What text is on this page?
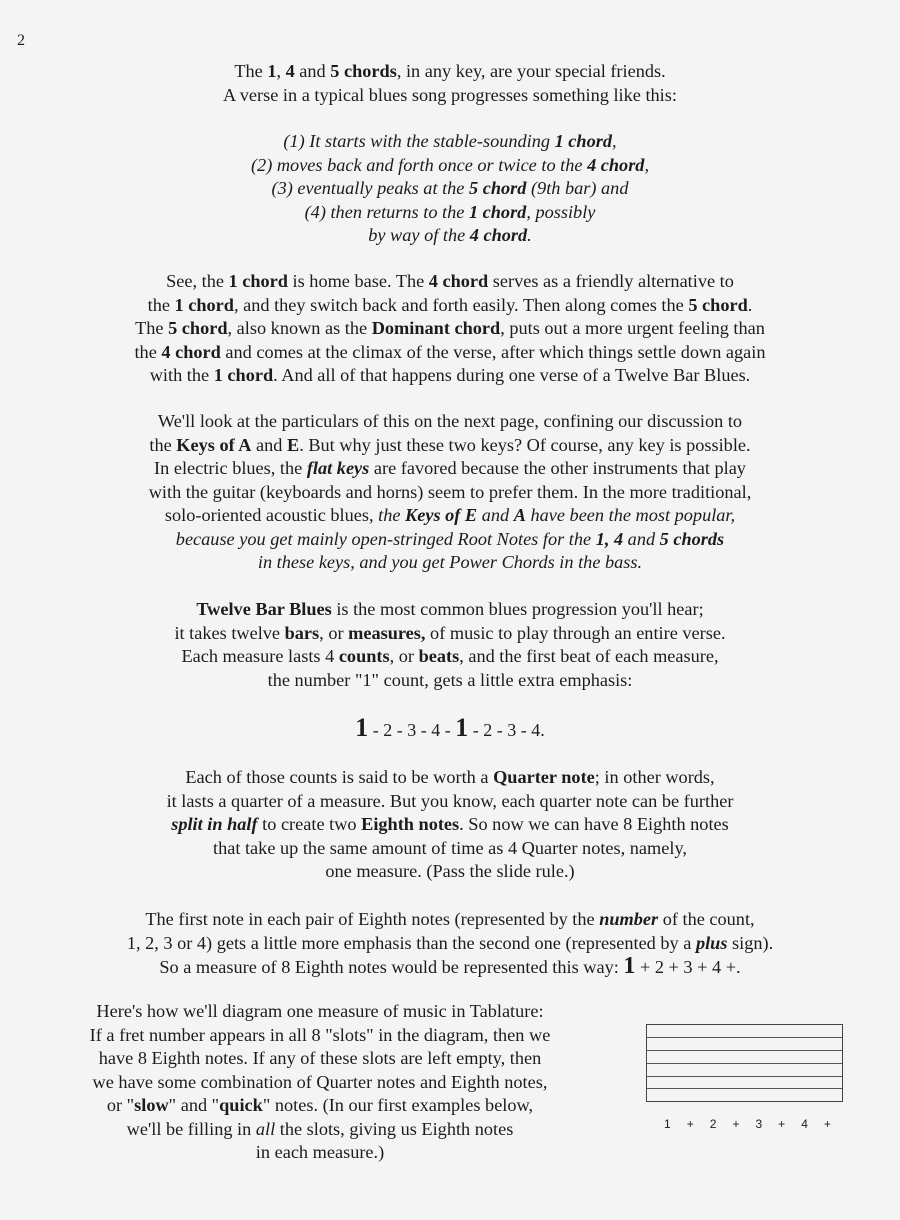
2
The 1, 4 and 5 chords, in any key, are your special friends.
A verse in a typical blues song progresses something like this:
(1) It starts with the stable-sounding 1 chord,
(2) moves back and forth once or twice to the 4 chord,
(3) eventually peaks at the 5 chord (9th bar) and
(4) then returns to the 1 chord, possibly
by way of the 4 chord.
See, the 1 chord is home base. The 4 chord serves as a friendly alternative to
the 1 chord, and they switch back and forth easily. Then along comes the 5 chord.
The 5 chord, also known as the Dominant chord, puts out a more urgent feeling than
the 4 chord and comes at the climax of the verse, after which things settle down again
with the 1 chord. And all of that happens during one verse of a Twelve Bar Blues.
We'll look at the particulars of this on the next page, confining our discussion to
the Keys of A and E. But why just these two keys? Of course, any key is possible.
In electric blues, the flat keys are favored because the other instruments that play
with the guitar (keyboards and horns) seem to prefer them. In the more traditional,
solo-oriented acoustic blues, the Keys of E and A have been the most popular,
because you get mainly open-stringed Root Notes for the 1, 4 and 5 chords
in these keys, and you get Power Chords in the bass.
Twelve Bar Blues is the most common blues progression you'll hear;
it takes twelve bars, or measures, of music to play through an entire verse.
Each measure lasts 4 counts, or beats, and the first beat of each measure,
the number "1" count, gets a little extra emphasis:
1 - 2 - 3 - 4 - 1 - 2 - 3 - 4.
Each of those counts is said to be worth a Quarter note; in other words,
it lasts a quarter of a measure. But you know, each quarter note can be further
split in half to create two Eighth notes. So now we can have 8 Eighth notes
that take up the same amount of time as 4 Quarter notes, namely,
one measure. (Pass the slide rule.)
The first note in each pair of Eighth notes (represented by the number of the count,
1, 2, 3 or 4) gets a little more emphasis than the second one (represented by a plus sign).
So a measure of 8 Eighth notes would be represented this way: 1 + 2 + 3 + 4 +.
Here's how we'll diagram one measure of music in Tablature:
If a fret number appears in all 8 "slots" in the diagram, then we
have 8 Eighth notes. If any of these slots are left empty, then
we have some combination of Quarter notes and Eighth notes,
or "slow" and "quick" notes. (In our first examples below,
we'll be filling in all the slots, giving us Eighth notes
in each measure.)
1 + 2 + 3 + 4 +
